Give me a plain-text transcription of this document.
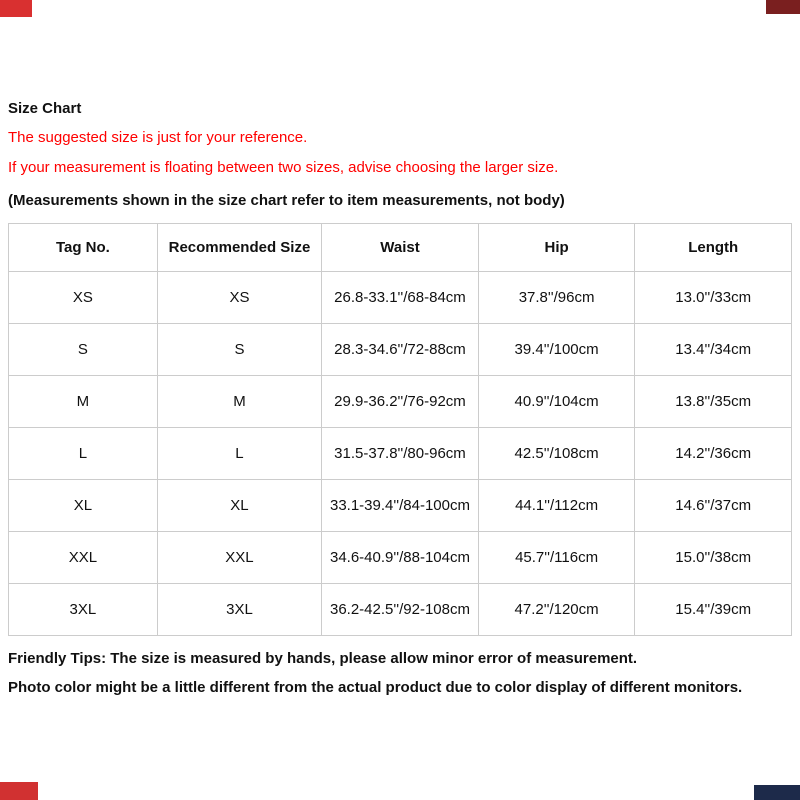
Size Chart
The suggested size is just for your reference.
If your measurement is floating between two sizes, advise choosing the larger size.
(Measurements shown in the size chart refer to item measurements, not body)
Tag No.	Recommended Size	Waist	Hip	Length
XS	XS	26.8-33.1''/68-84cm	37.8''/96cm	13.0''/33cm
S	S	28.3-34.6''/72-88cm	39.4''/100cm	13.4''/34cm
M	M	29.9-36.2''/76-92cm	40.9''/104cm	13.8''/35cm
L	L	31.5-37.8''/80-96cm	42.5''/108cm	14.2''/36cm
XL	XL	33.1-39.4''/84-100cm	44.1''/112cm	14.6''/37cm
XXL	XXL	34.6-40.9''/88-104cm	45.7''/116cm	15.0''/38cm
3XL	3XL	36.2-42.5''/92-108cm	47.2''/120cm	15.4''/39cm
Friendly Tips: The size is measured by hands, please allow minor error of measurement.
Photo color might be a little different from the actual product due to color display of different monitors.
